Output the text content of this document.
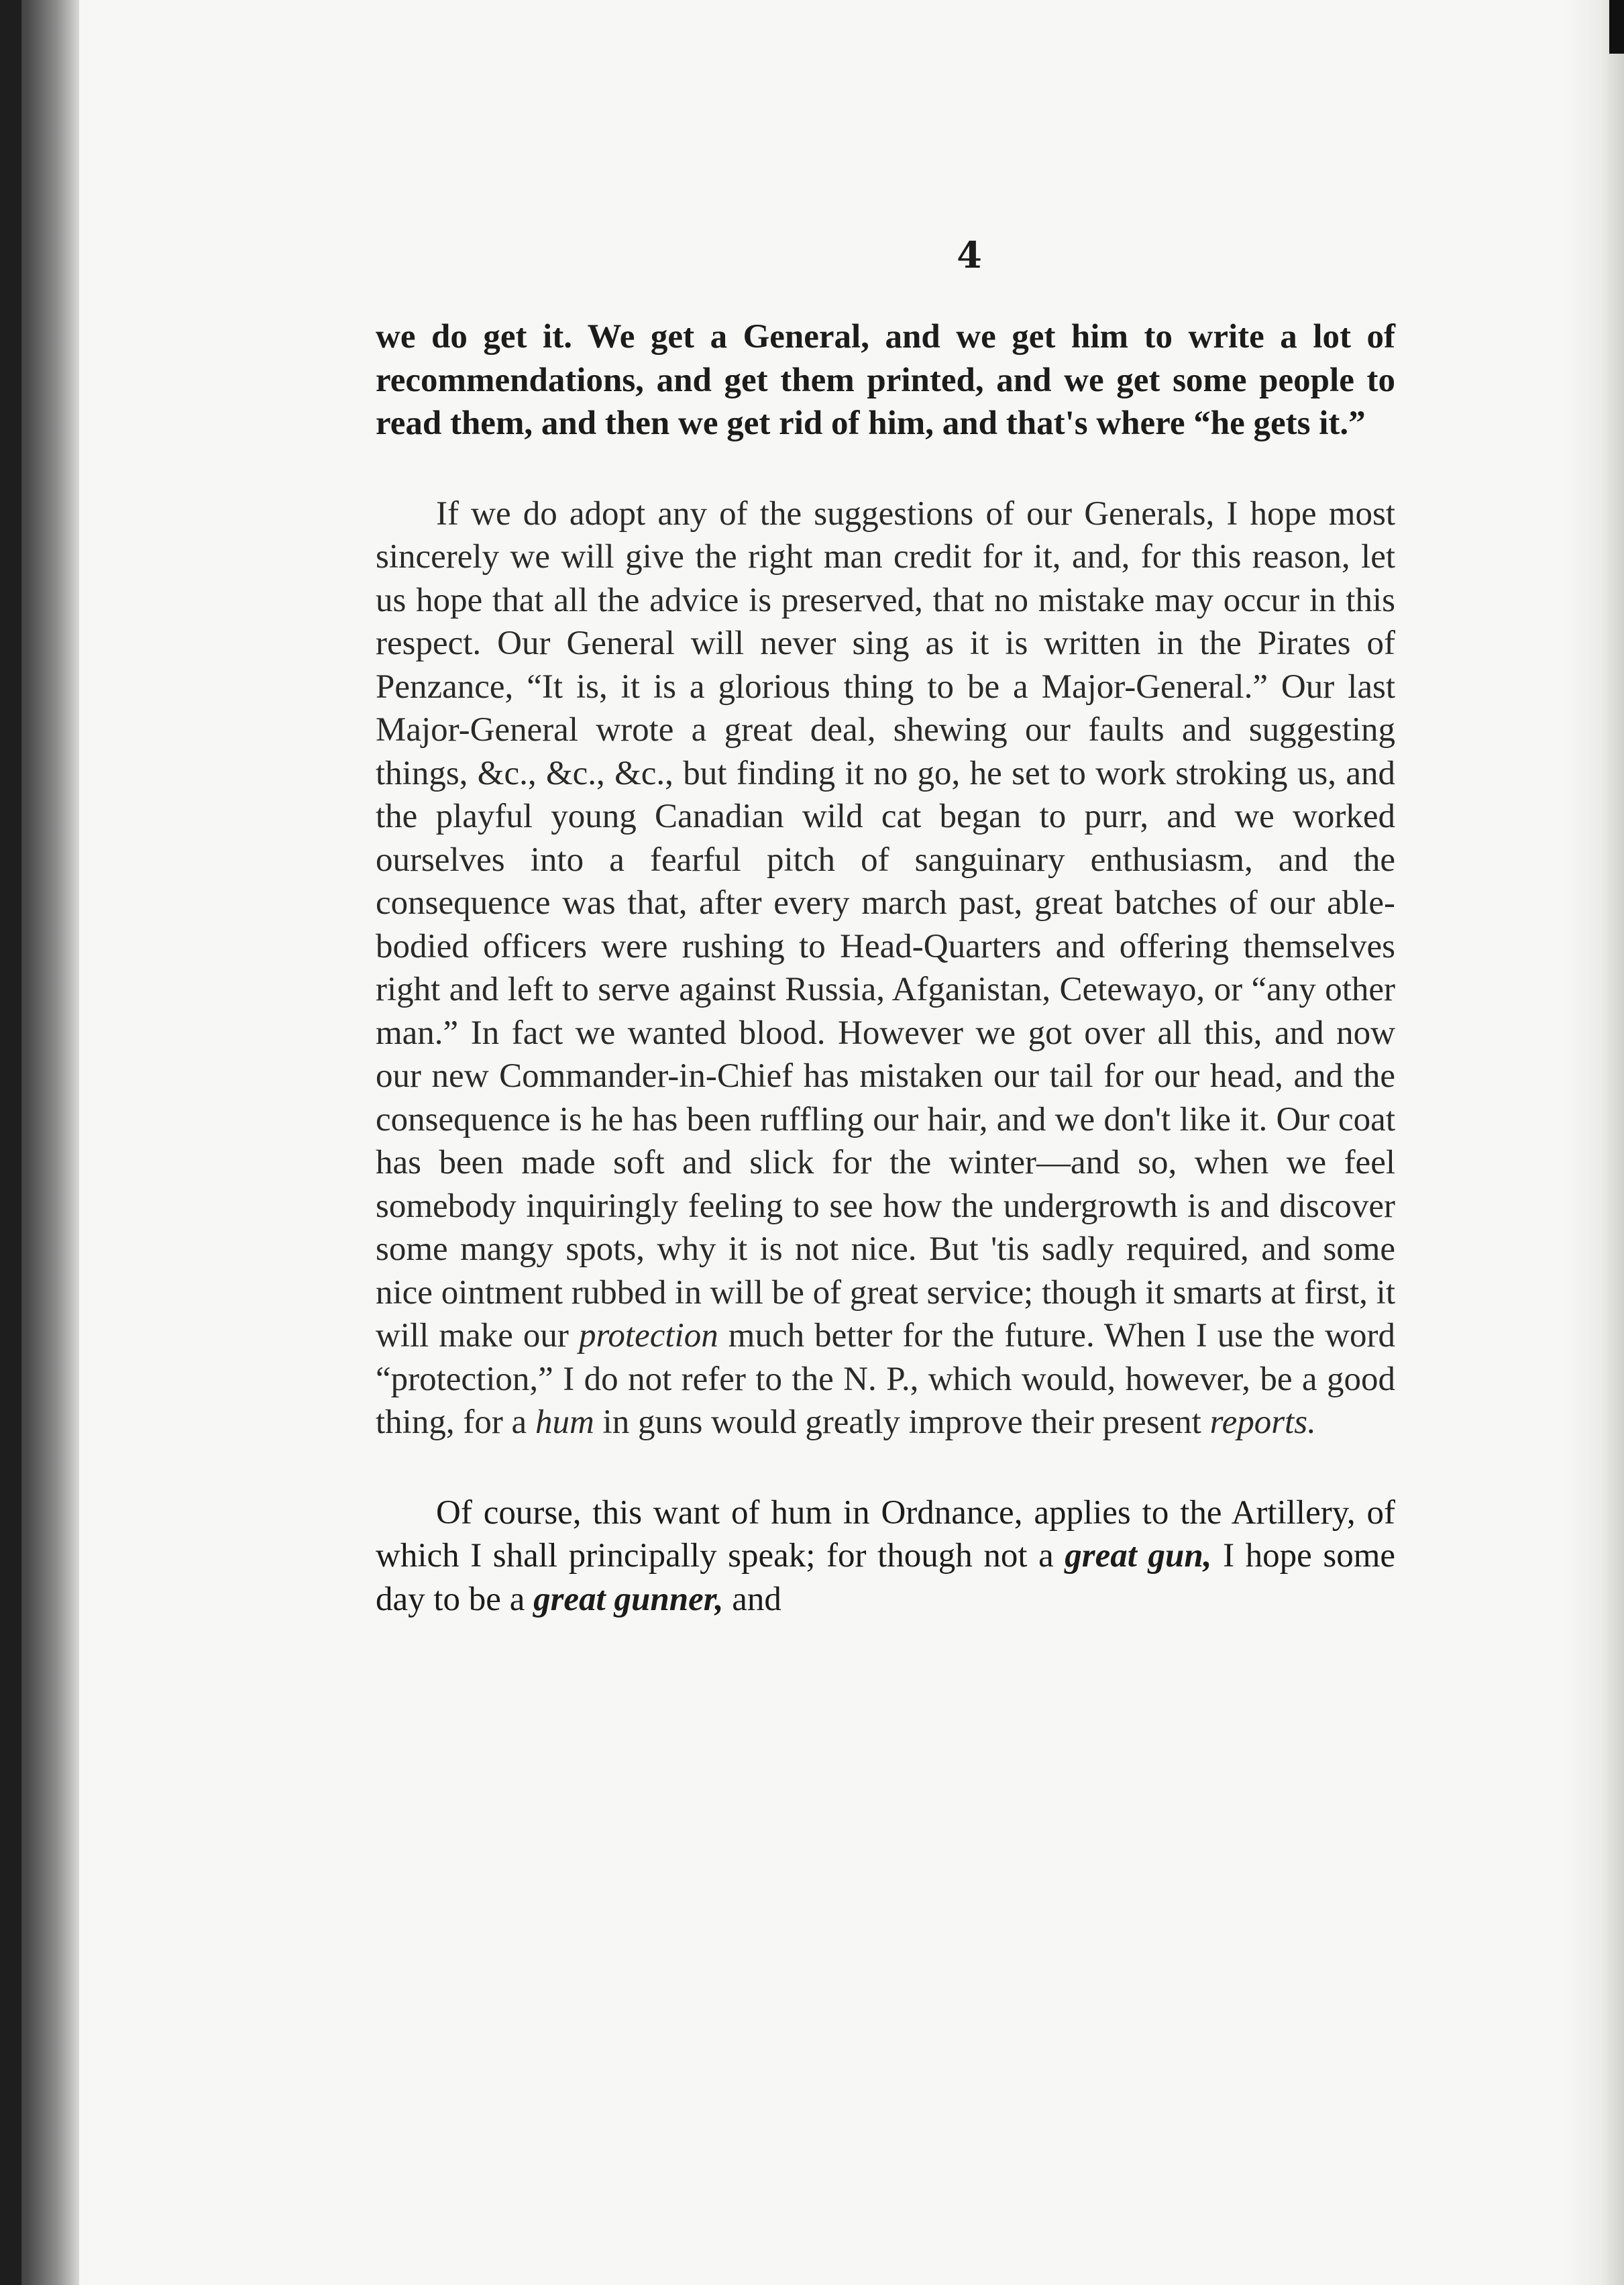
4

we do get it. We get a General, and we get him to write a lot of recommendations, and get them printed, and we get some people to read them, and then we get rid of him, and that's where “he gets it.”

If we do adopt any of the suggestions of our Generals, I hope most sincerely we will give the right man credit for it, and, for this reason, let us hope that all the advice is preserved, that no mistake may occur in this respect. Our General will never sing as it is written in the Pirates of Penzance, “It is, it is a glorious thing to be a Major-General.” Our last Major-General wrote a great deal, shewing our faults and suggesting things, &c., &c., &c., but finding it no go, he set to work stroking us, and the playful young Canadian wild cat began to purr, and we worked ourselves into a fearful pitch of sanguinary enthusiasm, and the consequence was that, after every march past, great batches of our able-bodied officers were rushing to Head-Quarters and offering themselves right and left to serve against Russia, Afganistan, Cetewayo, or “any other man.” In fact we wanted blood. However we got over all this, and now our new Commander-in-Chief has mistaken our tail for our head, and the consequence is he has been ruffling our hair, and we don't like it. Our coat has been made soft and slick for the winter—and so, when we feel somebody inquiringly feeling to see how the undergrowth is and discover some mangy spots, why it is not nice. But 'tis sadly required, and some nice ointment rubbed in will be of great service; though it smarts at first, it will make our protection much better for the future. When I use the word “protection,” I do not refer to the N. P., which would, however, be a good thing, for a hum in guns would greatly improve their present reports.

Of course, this want of hum in Ordnance, applies to the Artillery, of which I shall principally speak; for though not a great gun, I hope some day to be a great gunner, and
